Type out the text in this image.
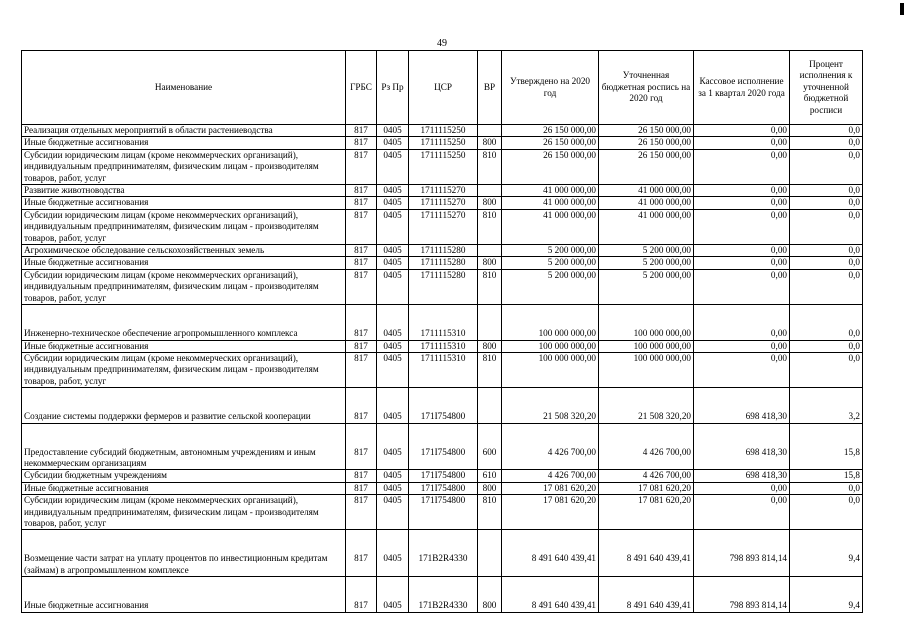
49
Наименование	ГРБС	Рз Пр	ЦСР	ВР	Утверждено на 2020 год	Уточненная бюджетная роспись на 2020 год	Кассовое исполнение за 1 квартал 2020 года	Процент исполнения к уточненной бюджетной росписи
Реализация отдельных мероприятий в области растениеводства	817	0405	1711115250		26 150 000,00	26 150 000,00	0,00	0,0
Иные бюджетные ассигнования	817	0405	1711115250	800	26 150 000,00	26 150 000,00	0,00	0,0
Субсидии юридическим лицам (кроме некоммерческих организаций), индивидуальным предпринимателям, физическим лицам - производителям товаров, работ, услуг	817	0405	1711115250	810	26 150 000,00	26 150 000,00	0,00	0,0
Развитие животноводства	817	0405	1711115270		41 000 000,00	41 000 000,00	0,00	0,0
Иные бюджетные ассигнования	817	0405	1711115270	800	41 000 000,00	41 000 000,00	0,00	0,0
Субсидии юридическим лицам (кроме некоммерческих организаций), индивидуальным предпринимателям, физическим лицам - производителям товаров, работ, услуг	817	0405	1711115270	810	41 000 000,00	41 000 000,00	0,00	0,0
Агрохимическое обследование сельскохозяйственных земель	817	0405	1711115280		5 200 000,00	5 200 000,00	0,00	0,0
Иные бюджетные ассигнования	817	0405	1711115280	800	5 200 000,00	5 200 000,00	0,00	0,0
Субсидии юридическим лицам (кроме некоммерческих организаций), индивидуальным предпринимателям, физическим лицам - производителям товаров, работ, услуг	817	0405	1711115280	810	5 200 000,00	5 200 000,00	0,00	0,0
Инженерно-техническое обеспечение агропромышленного комплекса	817	0405	1711115310		100 000 000,00	100 000 000,00	0,00	0,0
Иные бюджетные ассигнования	817	0405	1711115310	800	100 000 000,00	100 000 000,00	0,00	0,0
Субсидии юридическим лицам (кроме некоммерческих организаций), индивидуальным предпринимателям, физическим лицам - производителям товаров, работ, услуг	817	0405	1711115310	810	100 000 000,00	100 000 000,00	0,00	0,0
Создание системы поддержки фермеров и развитие сельской кооперации	817	0405	171I754800		21 508 320,20	21 508 320,20	698 418,30	3,2
Предоставление субсидий бюджетным, автономным учреждениям и иным некоммерческим организациям	817	0405	171I754800	600	4 426 700,00	4 426 700,00	698 418,30	15,8
Субсидии бюджетным учреждениям	817	0405	171I754800	610	4 426 700,00	4 426 700,00	698 418,30	15,8
Иные бюджетные ассигнования	817	0405	171I754800	800	17 081 620,20	17 081 620,20	0,00	0,0
Субсидии юридическим лицам (кроме некоммерческих организаций), индивидуальным предпринимателям, физическим лицам - производителям товаров, работ, услуг	817	0405	171I754800	810	17 081 620,20	17 081 620,20	0,00	0,0
Возмещение части затрат на уплату процентов по инвестиционным кредитам (займам) в агропромышленном комплексе	817	0405	171B2R4330		8 491 640 439,41	8 491 640 439,41	798 893 814,14	9,4
Иные бюджетные ассигнования	817	0405	171B2R4330	800	8 491 640 439,41	8 491 640 439,41	798 893 814,14	9,4
